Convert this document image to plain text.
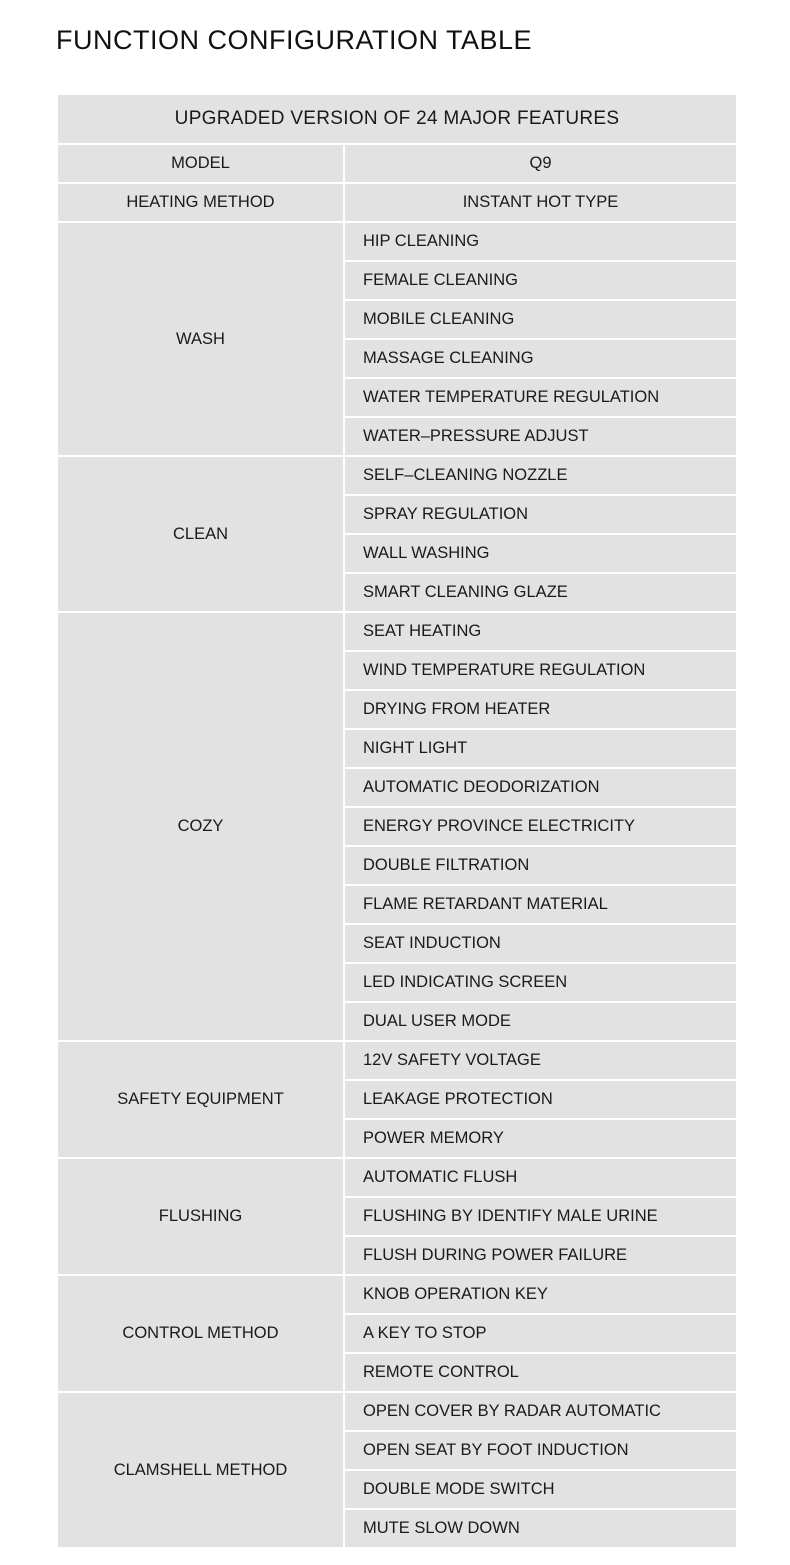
FUNCTION CONFIGURATION TABLE
UPGRADED VERSION OF 24 MAJOR FEATURES	
MODEL	Q9
HEATING METHOD	INSTANT HOT TYPE
WASH	HIP CLEANING
	FEMALE CLEANING
	MOBILE CLEANING
	MASSAGE CLEANING
	WATER TEMPERATURE REGULATION
	WATER–PRESSURE ADJUST
CLEAN	SELF–CLEANING NOZZLE
	SPRAY REGULATION
	WALL WASHING
	SMART CLEANING GLAZE
COZY	SEAT HEATING
	WIND TEMPERATURE REGULATION
	DRYING FROM HEATER
	NIGHT LIGHT
	AUTOMATIC DEODORIZATION
	ENERGY PROVINCE ELECTRICITY
	DOUBLE FILTRATION
	FLAME RETARDANT MATERIAL
	SEAT INDUCTION
	LED INDICATING SCREEN
	DUAL USER MODE
SAFETY EQUIPMENT	12V SAFETY VOLTAGE
	LEAKAGE PROTECTION
	POWER MEMORY
FLUSHING	AUTOMATIC FLUSH
	FLUSHING BY IDENTIFY MALE URINE
	FLUSH DURING POWER FAILURE
CONTROL METHOD	KNOB OPERATION KEY
	A KEY TO STOP
	REMOTE CONTROL
CLAMSHELL METHOD	OPEN COVER BY RADAR AUTOMATIC
	OPEN SEAT BY FOOT INDUCTION
	DOUBLE MODE SWITCH
	MUTE SLOW DOWN
